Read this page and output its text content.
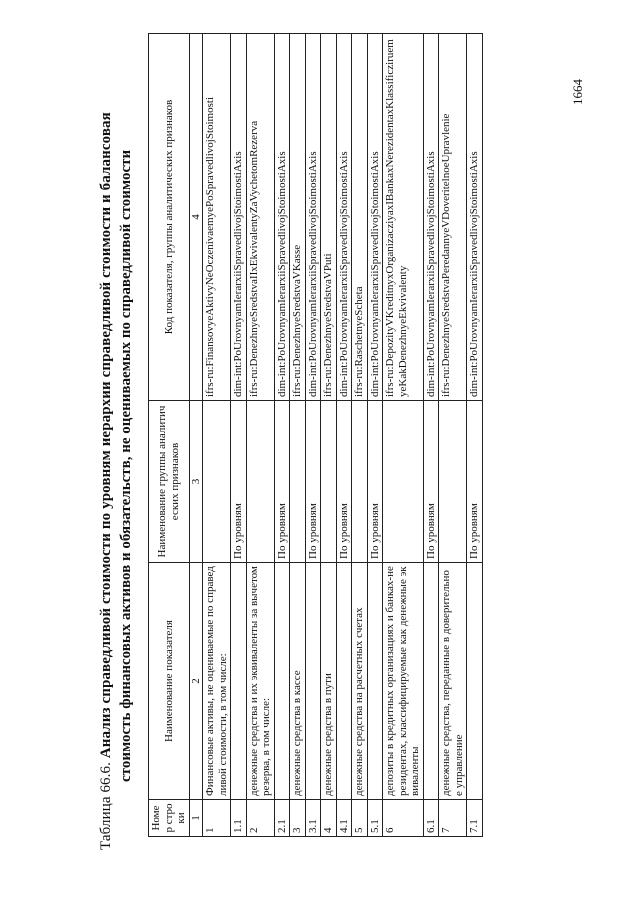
Таблица 66.6. Анализ справедливой стоимости по уровням иерархии справедливой стоимости и балансовая стоимость финансовых активов и обязательств, не оцениваемых по справедливой стоимости
Номер строки	Наименование показателя	Наименование группы аналитических признаков	Код показателя, группы аналитических признаков
1	2	3	4
1	Финансовые активы, не оцениваемые по справедливой стоимости, в том числе:		ifrs-ru:FinansovyeAktivyNeOczenivaemyePoSpravedlivojStoimosti
1.1		По уровням	dim-int:PoUrovnyamIerarxiiSpravedlivojStoimostiAxis
2	денежные средства и их эквиваленты за вычетом резерва, в том числе:		ifrs-ru:DenezhnyeSredstvaIIxEkvivalentyZaVychetomRezerva
2.1		По уровням	dim-int:PoUrovnyamIerarxiiSpravedlivojStoimostiAxis
3	денежные средства в кассе		ifrs-ru:DenezhnyeSredstvaVKasse
3.1		По уровням	dim-int:PoUrovnyamIerarxiiSpravedlivojStoimostiAxis
4	денежные средства в пути		ifrs-ru:DenezhnyeSredstvaVPuti
4.1		По уровням	dim-int:PoUrovnyamIerarxiiSpravedlivojStoimostiAxis
5	денежные средства на расчетных счетах		ifrs-ru:RaschetnyeScheta
5.1		По уровням	dim-int:PoUrovnyamIerarxiiSpravedlivojStoimostiAxis
6	депозиты в кредитных организациях и банках-нерезидентах, классифицируемые как денежные эквиваленты		ifrs-ru:DepozityVKreditnyxOrganizacziyaxIBankaxNerezidentaxKlassificziruemyeKakDenezhnyeEkvivalenty
6.1		По уровням	dim-int:PoUrovnyamIerarxiiSpravedlivojStoimostiAxis
7	денежные средства, переданные в доверительное управление		ifrs-ru:DenezhnyeSredstvaPeredannyeVDoveritelnoeUpravlenie
7.1		По уровням	dim-int:PoUrovnyamIerarxiiSpravedlivojStoimostiAxis
1664
